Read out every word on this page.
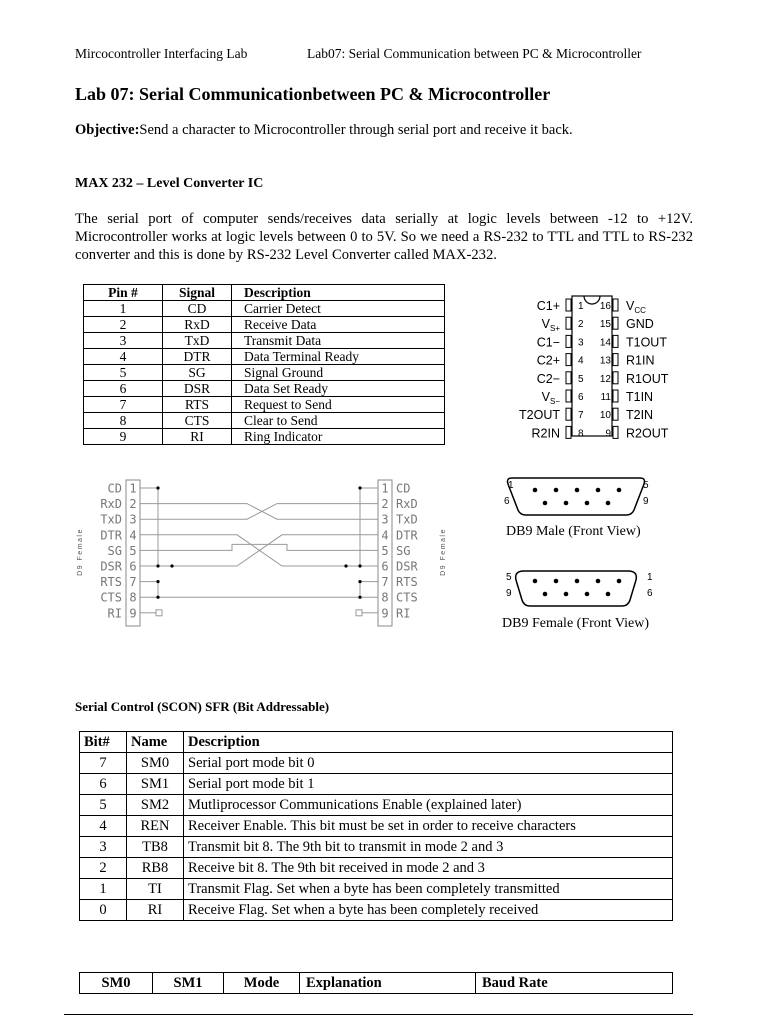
Mircocontroller Interfacing Lab	Lab07: Serial Communication between PC & Microcontroller
Lab 07: Serial Communicationbetween PC & Microcontroller
Objective:Send a character to Microcontroller through serial port and receive it back.
MAX 232 – Level Converter IC
The serial port of computer sends/receives data serially at logic levels between -12 to +12V. Microcontroller works at logic levels between 0 to 5V. So we need a RS-232 to TTL and TTL to RS-232 converter and this is done by RS-232 Level Converter called MAX-232.
Pin #	Signal	Description
1	CD	Carrier Detect
2	RxD	Receive Data
3	TxD	Transmit Data
4	DTR	Data Terminal Ready
5	SG	Signal Ground
6	DSR	Data Set Ready
7	RTS	Request to Send
8	CTS	Clear to Send
9	RI	Ring Indicator
1
C1+
2
$V_{S+}$
3
C1−
4
C2+
5
C2−
6
$V_{S-}$
7
T2OUT
8
R2IN
16 $V_{CC}$
15 GND
14 T1OUT
13 R1IN
12 R1OUT
11 T1IN
10 T2IN
9 R2OUT
1
6
5
9
DB9 Male (Front View)
5
9
1
6
DB9 Female (Front View)
D9 Female	D9 Female
CD 1	1 CD
RxD 2	2 RxD
TxD 3	3 TxD
DTR 4	4 DTR
SG 5	5 SG
DSR 6	6 DSR
RTS 7	7 RTS
CTS 8	8 CTS
RI 9	9 RI
Serial Control (SCON) SFR (Bit Addressable)
Bit#	Name	Description
7	SM0	Serial port mode bit 0
6	SM1	Serial port mode bit 1
5	SM2	Mutliprocessor Communications Enable (explained later)
4	REN	Receiver Enable. This bit must be set in order to receive characters
3	TB8	Transmit bit 8. The 9th bit to transmit in mode 2 and 3
2	RB8	Receive bit 8. The 9th bit received in mode 2 and 3
1	TI	Transmit Flag. Set when a byte has been completely transmitted
0	RI	Receive Flag. Set when a byte has been completely received
SM0	SM1	Mode	Explanation	Baud Rate
